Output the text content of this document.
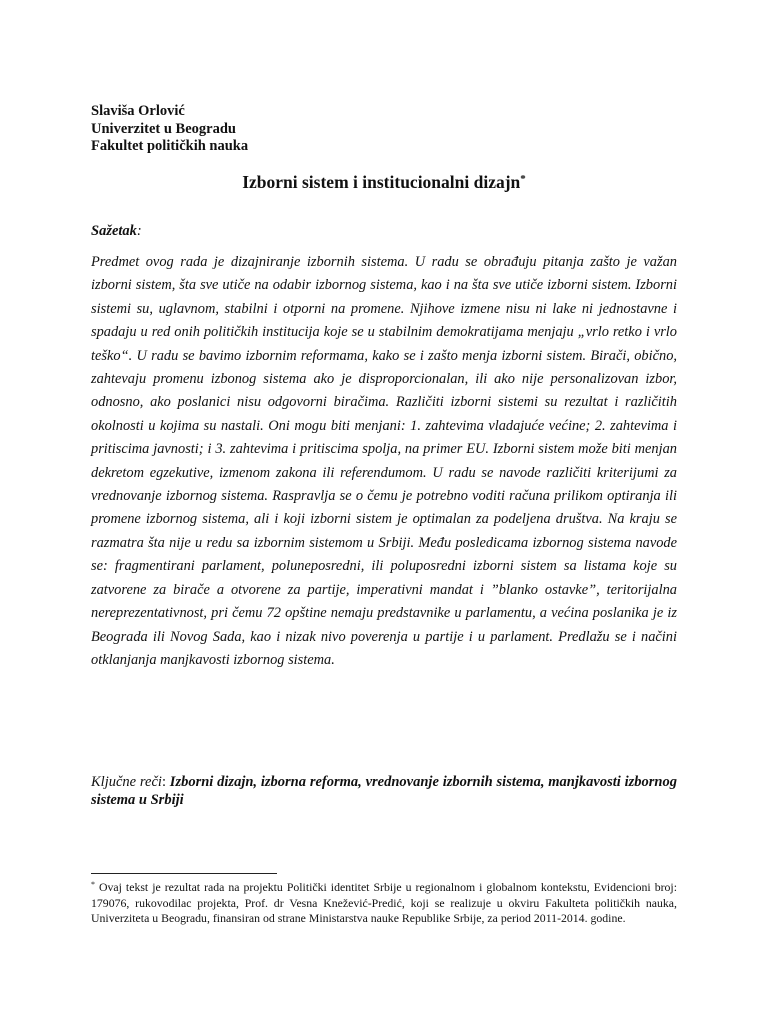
Slaviša Orlović
Univerzitet u Beogradu
Fakultet političkih nauka
Izborni sistem i institucionalni dizajn*
Sažetak:
Predmet ovog rada je dizajniranje izbornih sistema. U radu se obrađuju pitanja zašto je važan izborni sistem, šta sve utiče na odabir izbornog sistema, kao i na šta sve utiče izborni sistem. Izborni sistemi su, uglavnom, stabilni i otporni na promene. Njihove izmene nisu ni lake ni jednostavne i spadaju u red onih političkih institucija koje se u stabilnim demokratijama menjaju „vrlo retko i vrlo teško“. U radu se bavimo izbornim reformama, kako se i zašto menja izborni sistem. Birači, obično, zahtevaju promenu izbonog sistema ako je disproporcionalan, ili ako nije personalizovan izbor, odnosno, ako poslanici nisu odgovorni biračima. Različiti izborni sistemi su rezultat i različitih okolnosti u kojima su nastali. Oni mogu biti menjani: 1. zahtevima vladajuće većine; 2. zahtevima i pritiscima javnosti; i 3. zahtevima i pritiscima spolja, na primer EU. Izborni sistem može biti menjan dekretom egzekutive, izmenom zakona ili referendumom. U radu se navode različiti kriterijumi za vrednovanje izbornog sistema. Raspravlja se o čemu je potrebno voditi računa prilikom optiranja ili promene izbornog sistema, ali i koji izborni sistem je optimalan za podeljena društva. Na kraju se razmatra šta nije u redu sa izbornim sistemom u Srbiji. Među posledicama izbornog sistema navode se: fragmentirani parlament, poluneposredni, ili poluposredni izborni sistem sa listama koje su zatvorene za birače a otvorene za partije, imperativni mandat i ”blanko ostavke”, teritorijalna nereprezentativnost, pri čemu 72 opštine nemaju predstavnike u parlamentu, a većina poslanika je iz Beograda ili Novog Sada, kao i nizak nivo poverenja u partije i u parlament. Predlažu se i načini otklanjanja manjkavosti izbornog sistema.
Ključne reči: Izborni dizajn, izborna reforma, vrednovanje izbornih sistema, manjkavosti izbornog sistema u Srbiji
* Ovaj tekst je rezultat rada na projektu Politički identitet Srbije u regionalnom i globalnom kontekstu, Evidencioni broj: 179076, rukovodilac projekta, Prof. dr Vesna Knežević-Predić, koji se realizuje u okviru Fakulteta političkih nauka, Univerziteta u Beogradu, finansiran od strane Ministarstva nauke Republike Srbije, za period 2011-2014. godine.
